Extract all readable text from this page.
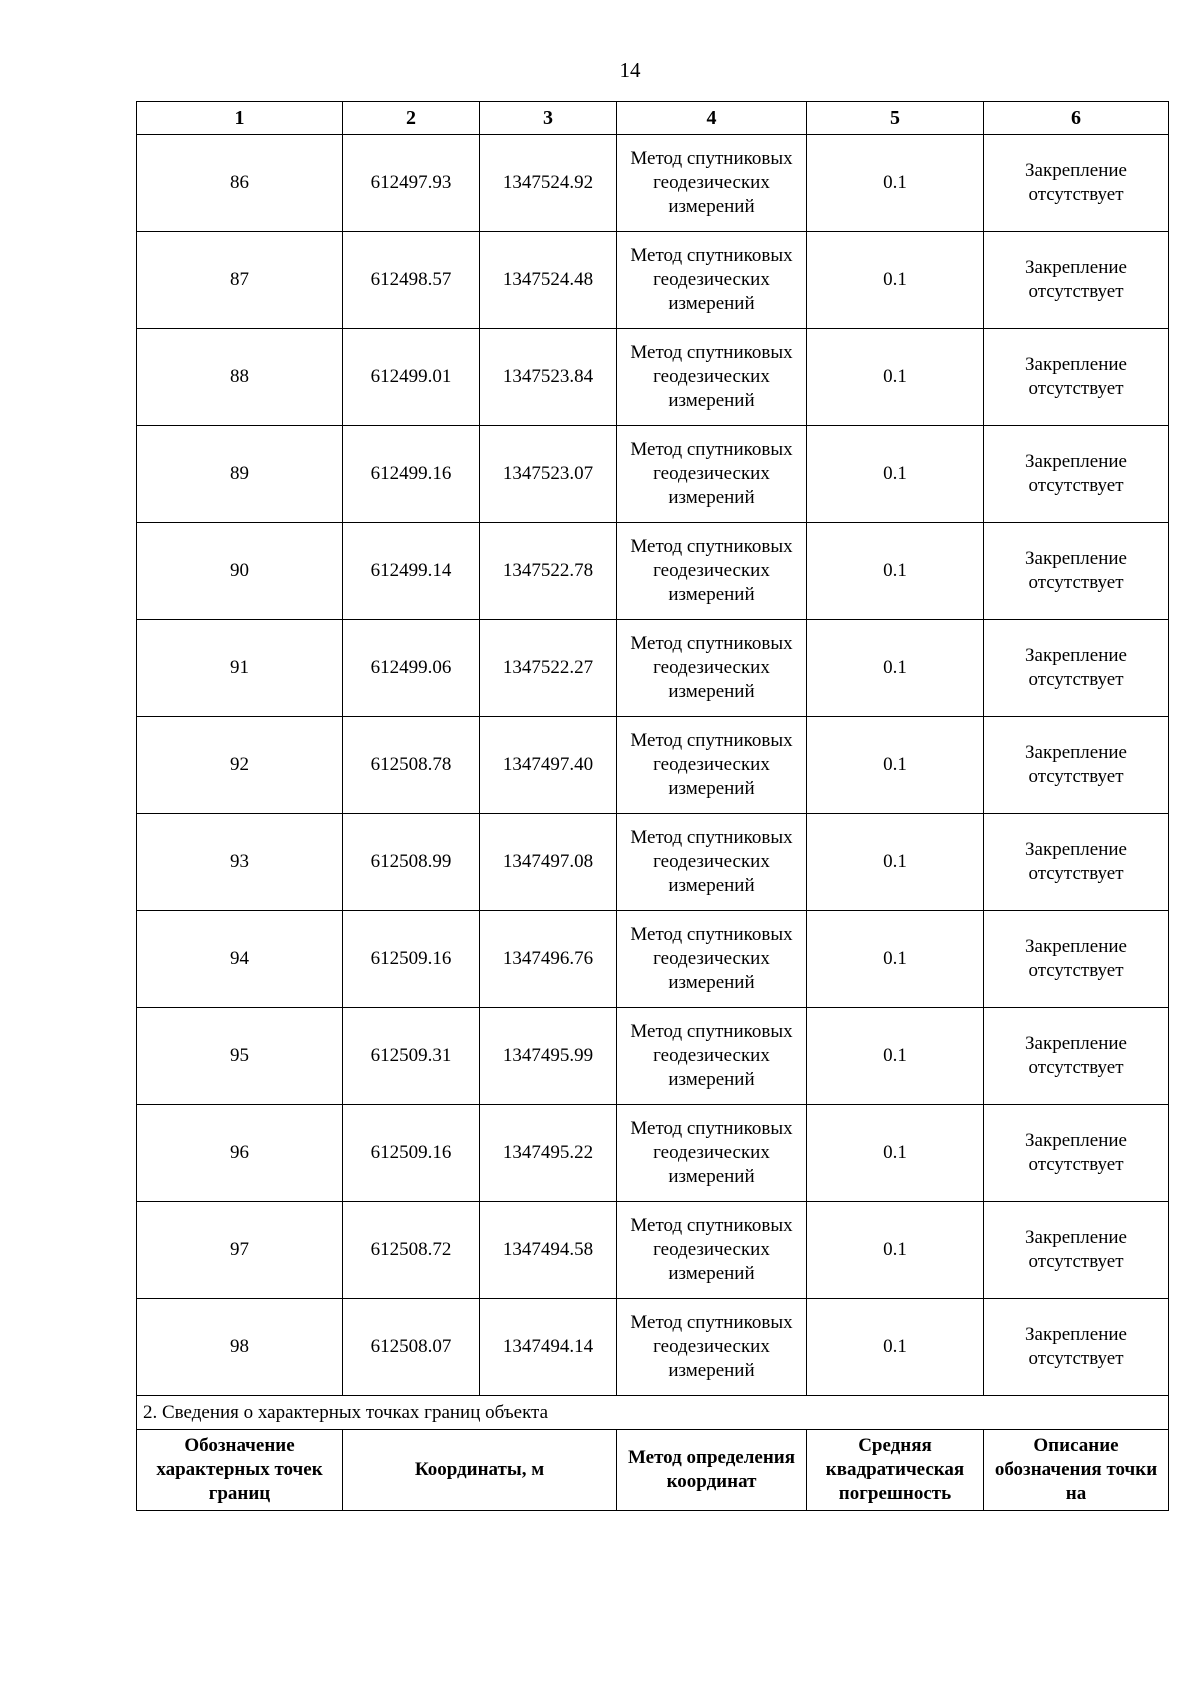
14
1	2	3	4	5	6
86	612497.93	1347524.92	Метод спутниковых геодезических измерений	0.1	Закрепление отсутствует
87	612498.57	1347524.48	Метод спутниковых геодезических измерений	0.1	Закрепление отсутствует
88	612499.01	1347523.84	Метод спутниковых геодезических измерений	0.1	Закрепление отсутствует
89	612499.16	1347523.07	Метод спутниковых геодезических измерений	0.1	Закрепление отсутствует
90	612499.14	1347522.78	Метод спутниковых геодезических измерений	0.1	Закрепление отсутствует
91	612499.06	1347522.27	Метод спутниковых геодезических измерений	0.1	Закрепление отсутствует
92	612508.78	1347497.40	Метод спутниковых геодезических измерений	0.1	Закрепление отсутствует
93	612508.99	1347497.08	Метод спутниковых геодезических измерений	0.1	Закрепление отсутствует
94	612509.16	1347496.76	Метод спутниковых геодезических измерений	0.1	Закрепление отсутствует
95	612509.31	1347495.99	Метод спутниковых геодезических измерений	0.1	Закрепление отсутствует
96	612509.16	1347495.22	Метод спутниковых геодезических измерений	0.1	Закрепление отсутствует
97	612508.72	1347494.58	Метод спутниковых геодезических измерений	0.1	Закрепление отсутствует
98	612508.07	1347494.14	Метод спутниковых геодезических измерений	0.1	Закрепление отсутствует
2. Сведения о характерных точках границ объекта					
Обозначение характерных точек границ	Координаты, м		Метод определения координат	Средняя квадратическая погрешность	Описание обозначения точки на
